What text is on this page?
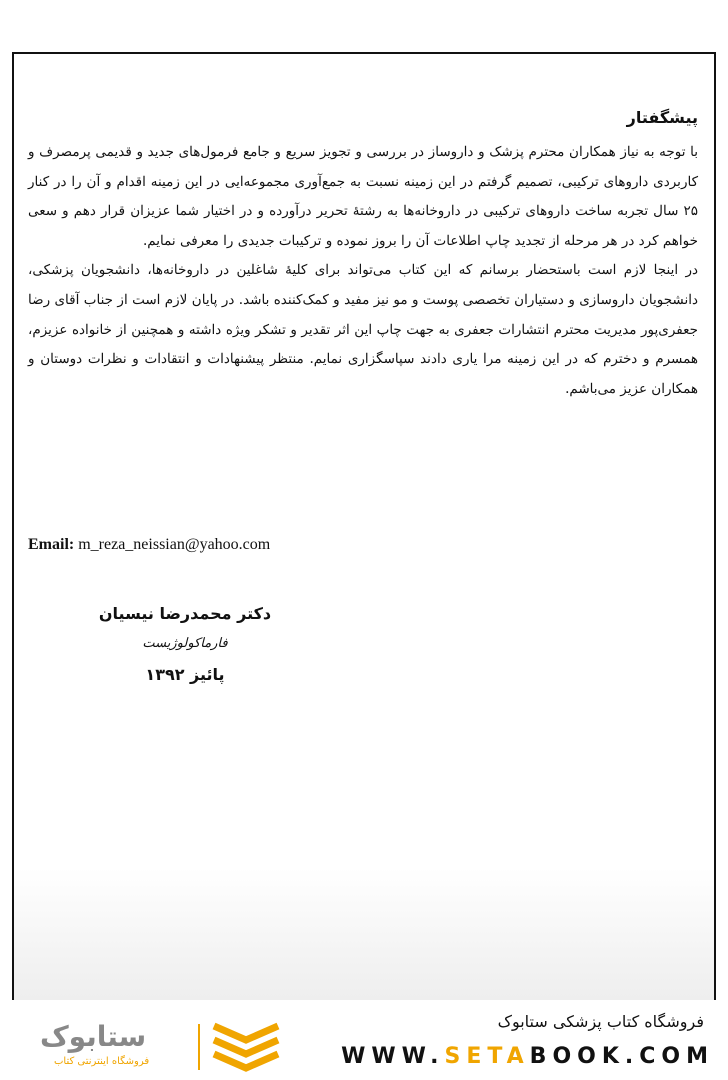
پیشگفتار

با توجه به نیاز همکاران محترم پزشک و داروساز در بررسی و تجویز سریع و جامع فرمول‌های جدید و قدیمی پرمصرف و کاربردی داروهای ترکیبی، تصمیم گرفتم در این زمینه نسبت به جمع‌آوری مجموعه‌ایی در این زمینه اقدام و آن را در کنار ۲۵ سال تجربه ساخت داروهای ترکیبی در داروخانه‌ها به رشتهٔ تحریر درآورده و در اختیار شما عزیزان قرار دهم و سعی خواهم کرد در هر مرحله از تجدید چاپ اطلاعات آن را بروز نموده و ترکیبات جدیدی را معرفی نمایم.

در اینجا لازم است باستحضار برسانم که این کتاب می‌تواند برای کلیهٔ شاغلین در داروخانه‌ها، دانشجویان پزشکی، دانشجویان داروسازی و دستیاران تخصصی پوست و مو نیز مفید و کمک‌کننده باشد. در پایان لازم است از جناب آقای رضا جعفری‌پور مدیریت محترم انتشارات جعفری به جهت چاپ این اثر تقدیر و تشکر ویژه داشته و همچنین از خانواده عزیزم، همسرم و دخترم که در این زمینه مرا یاری دادند سپاسگزاری نمایم. منتظر پیشنهادات و انتقادات و نظرات دوستان و همکاران عزیز می‌باشم.

Email: m_reza_neissian@yahoo.com
دکتر محمدرضا نیسیان
فارماکولوژیست
پائیز ۱۳۹۲
ستابوک
فروشگاه اینترنتی کتاب
فروشگاه کتاب پزشکی ستابوک
WWW.SETABOOK.COM
